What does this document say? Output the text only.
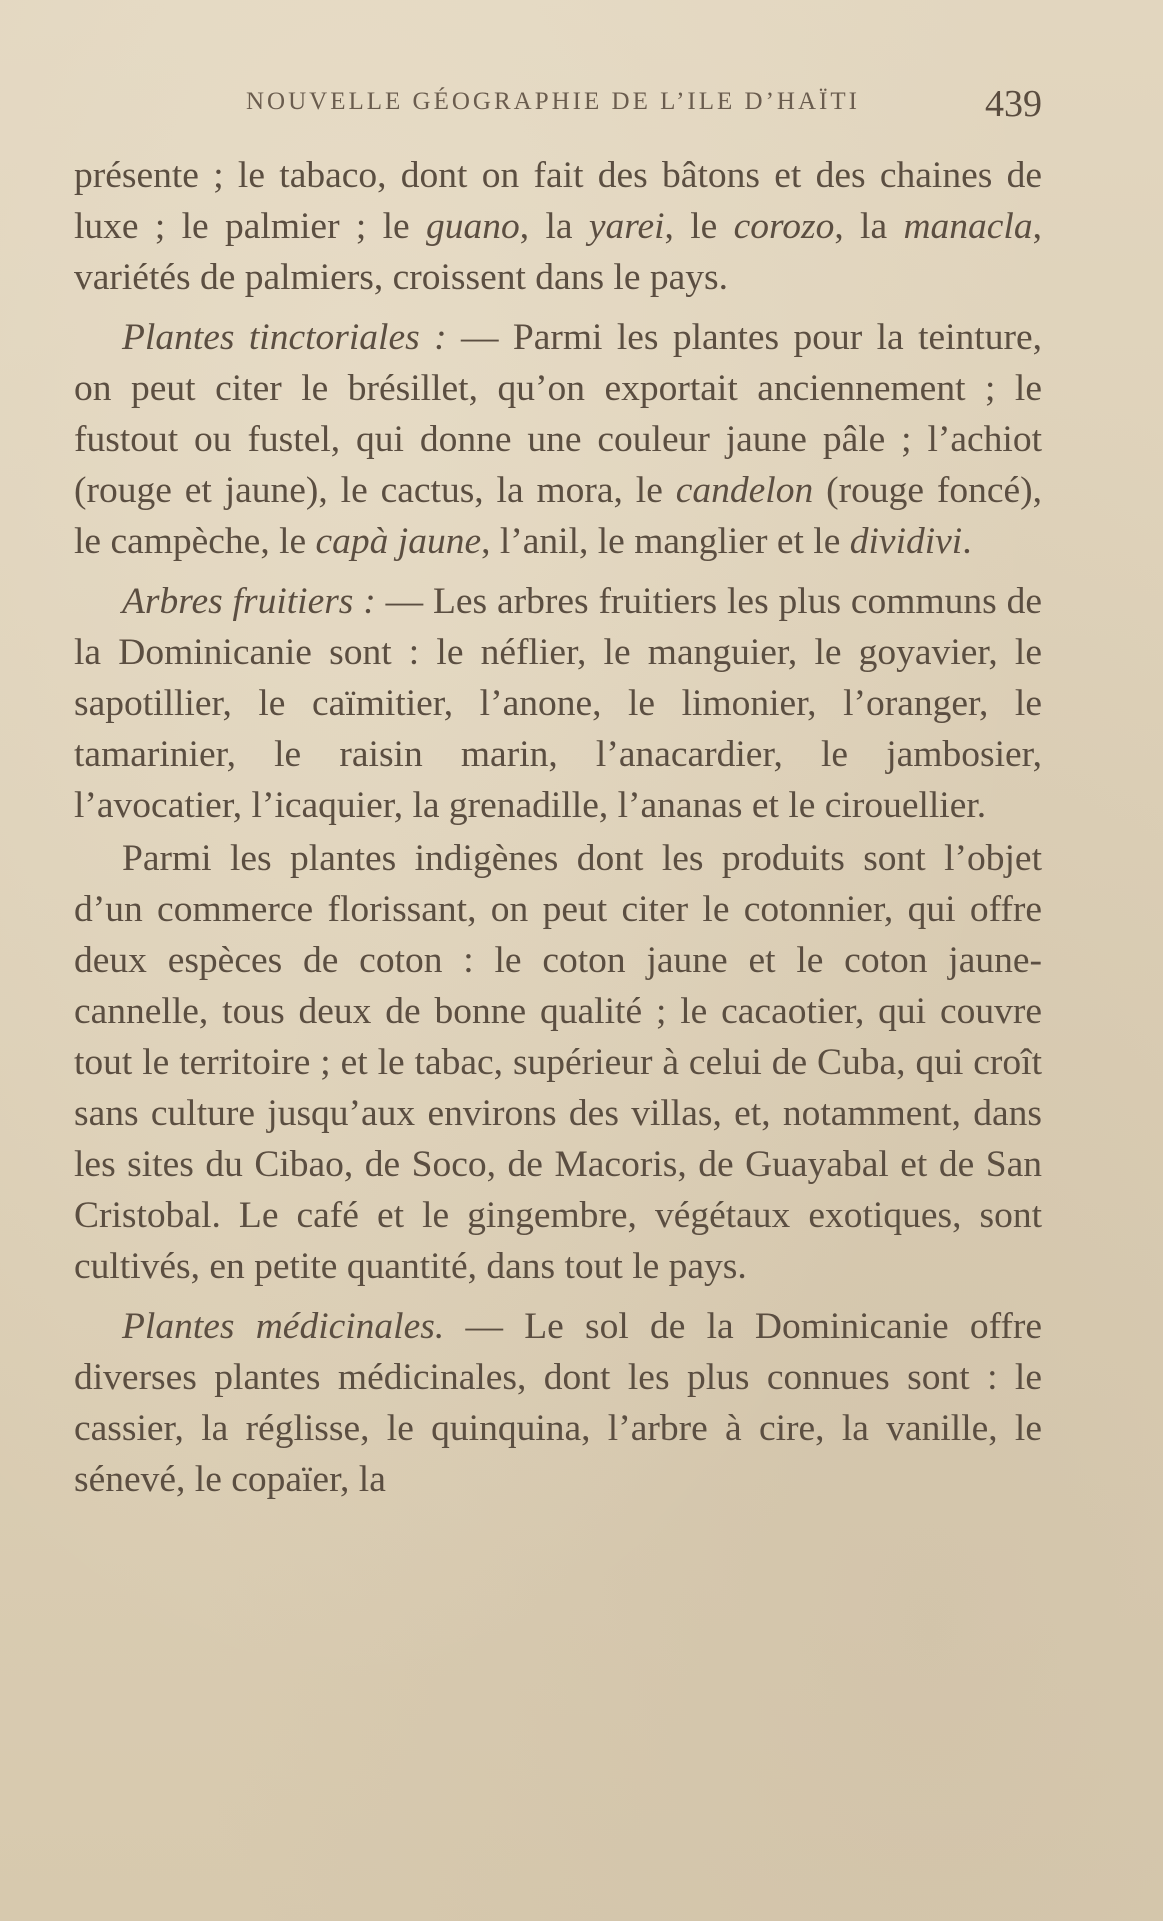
NOUVELLE GÉOGRAPHIE DE L’ILE D’HAÏTI	439

présente ; le tabaco, dont on fait des bâtons et des chaines de luxe ; le palmier ; le guano, la yarei, le corozo, la manacla, variétés de palmiers, croissent dans le pays.

Plantes tinctoriales : — Parmi les plantes pour la teinture, on peut citer le brésillet, qu’on exportait anciennement ; le fustout ou fustel, qui donne une couleur jaune pâle ; l’achiot (rouge et jaune), le cactus, la mora, le candelon (rouge foncé), le campèche, le capà jaune, l’anil, le manglier et le dividivi.

Arbres fruitiers : — Les arbres fruitiers les plus communs de la Dominicanie sont : le néflier, le manguier, le goyavier, le sapotillier, le caïmitier, l’anone, le limonier, l’oranger, le tamarinier, le raisin marin, l’anacardier, le jambosier, l’avocatier, l’icaquier, la grenadille, l’ananas et le cirouellier.

Parmi les plantes indigènes dont les produits sont l’objet d’un commerce florissant, on peut citer le cotonnier, qui offre deux espèces de coton : le coton jaune et le coton jaune-cannelle, tous deux de bonne qualité ; le cacaotier, qui couvre tout le territoire ; et le tabac, supérieur à celui de Cuba, qui croît sans culture jusqu’aux environs des villas, et, notamment, dans les sites du Cibao, de Soco, de Macoris, de Guayabal et de San Cristobal. Le café et le gingembre, végétaux exotiques, sont cultivés, en petite quantité, dans tout le pays.

Plantes médicinales. — Le sol de la Dominicanie offre diverses plantes médicinales, dont les plus connues sont : le cassier, la réglisse, le quinquina, l’arbre à cire, la vanille, le sénevé, le copaïer, la
